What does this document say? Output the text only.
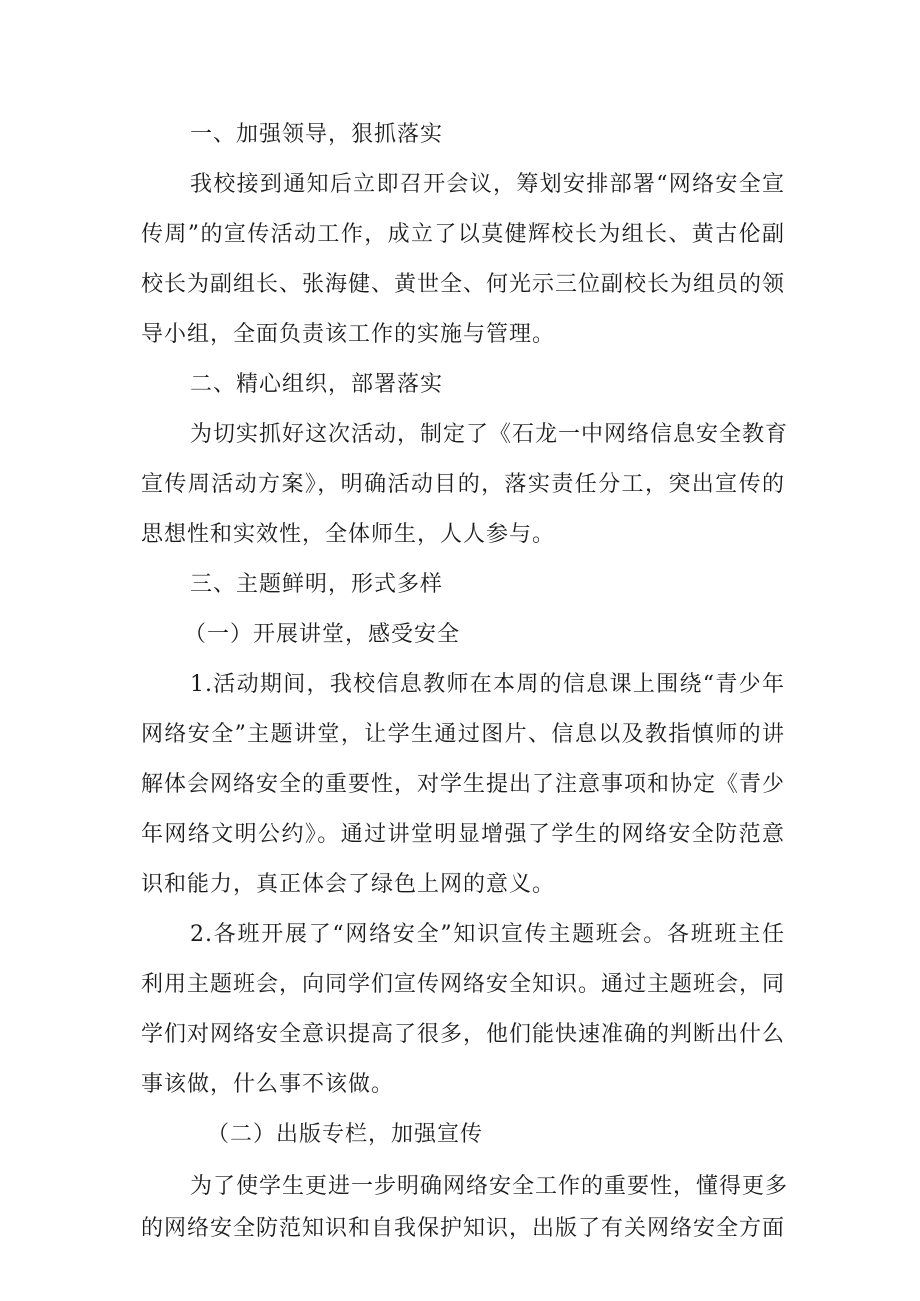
一、加强领导，狠抓落实

我校接到通知后立即召开会议，筹划安排部署“网络安全宣

传周”的宣传活动工作，成立了以莫健辉校长为组长、黄古伦副

校长为副组长、张海健、黄世全、何光示三位副校长为组员的领

导小组，全面负责该工作的实施与管理。

二、精心组织，部署落实

为切实抓好这次活动，制定了《石龙一中网络信息安全教育

宣传周活动方案》，明确活动目的，落实责任分工，突出宣传的

思想性和实效性，全体师生，人人参与。

三、主题鲜明，形式多样

（一）开展讲堂，感受安全

1.活动期间，我校信息教师在本周的信息课上围绕“青少年

网络安全”主题讲堂，让学生通过图片、信息以及教指慎师的讲

解体会网络安全的重要性，对学生提出了注意事项和协定《青少

年网络文明公约》。通过讲堂明显增强了学生的网络安全防范意

识和能力，真正体会了绿色上网的意义。

2.各班开展了“网络安全”知识宣传主题班会。各班班主任

利用主题班会，向同学们宣传网络安全知识。通过主题班会，同

学们对网络安全意识提高了很多，他们能快速准确的判断出什么

事该做，什么事不该做。

（二）出版专栏，加强宣传

为了使学生更进一步明确网络安全工作的重要性，懂得更多

的网络安全防范知识和自我保护知识，出版了有关网络安全方面
